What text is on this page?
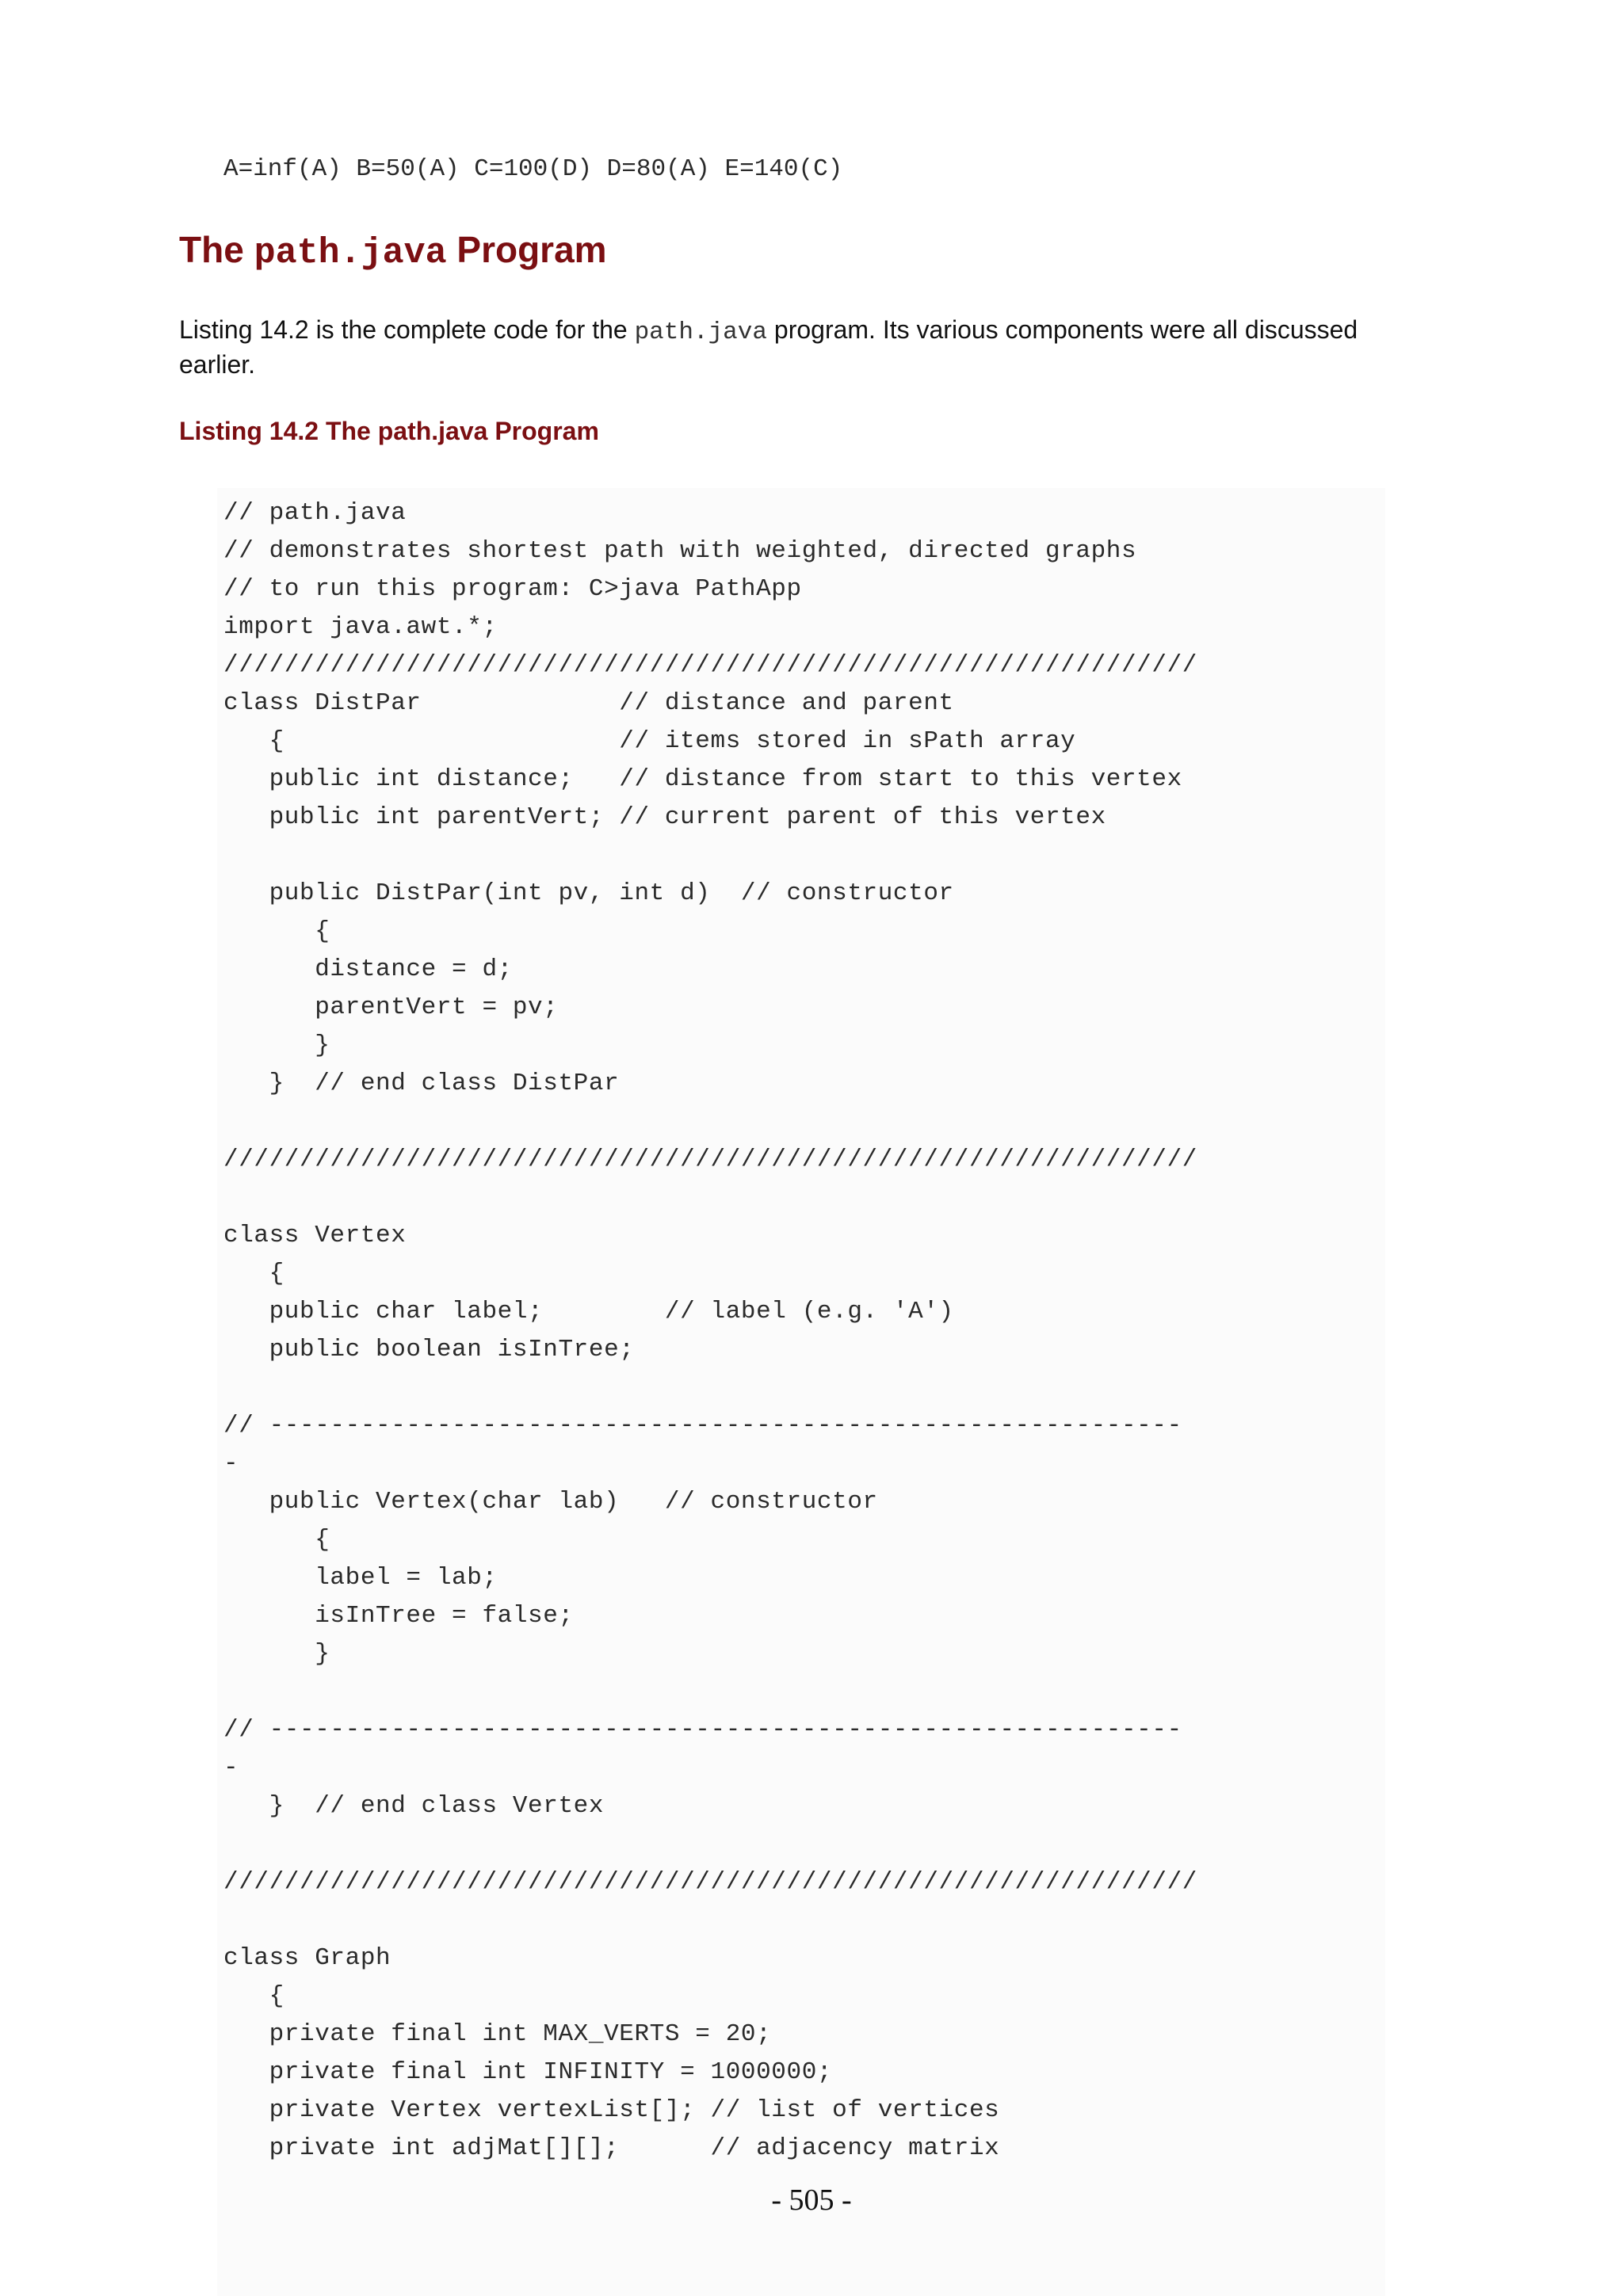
A=inf(A) B=50(A) C=100(D) D=80(A) E=140(C)

The path.java Program

Listing 14.2 is the complete code for the path.java program. Its various components were all discussed earlier.

Listing 14.2 The path.java Program

// path.java
// demonstrates shortest path with weighted, directed graphs
// to run this program: C>java PathApp
import java.awt.*;
////////////////////////////////////////////////////////////////
class DistPar             // distance and parent
{                      // items stored in sPath array
public int distance;   // distance from start to this vertex
public int parentVert; // current parent of this vertex
public DistPar(int pv, int d)  // constructor
{
distance = d;
parentVert = pv;
}
}  // end class DistPar
////////////////////////////////////////////////////////////////
class Vertex
{
public char label;        // label (e.g. 'A')
public boolean isInTree;
// ------------------------------------------------------------
-
public Vertex(char lab)   // constructor
{
label = lab;
isInTree = false;
}
// ------------------------------------------------------------
-
}  // end class Vertex
////////////////////////////////////////////////////////////////
class Graph
{
private final int MAX_VERTS = 20;
private final int INFINITY = 1000000;
private Vertex vertexList[]; // list of vertices
private int adjMat[][];      // adjacency matrix

- 505 -
